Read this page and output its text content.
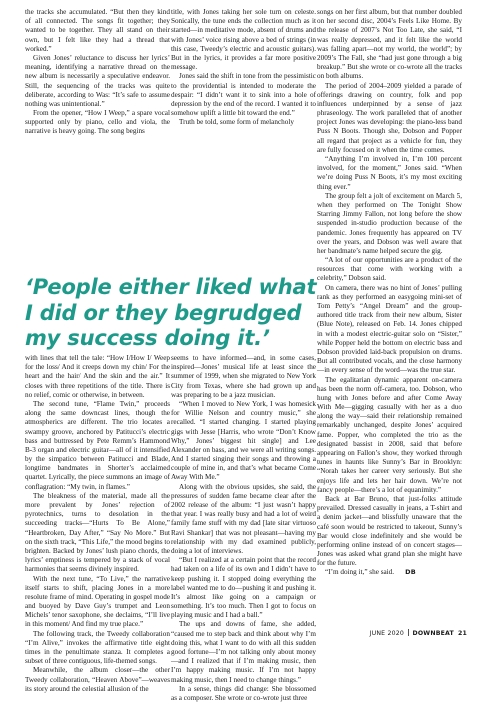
the tracks she accumulated. “But then they kind of all connected. The songs fit together; they wanted to be together. They all stand on their own, but I felt like they had a thread that worked.”

Given Jones’ reluctance to discuss her lyrics’ meaning, identifying a narrative thread on the new album is necessarily a speculative endeavor. Still, the sequencing of the tracks was quite deliberate, according to Was: “It’s safe to assume nothing was unintentional.”

From the opener, “How I Weep,” a spare vocal supported only by piano, cello and viola, the narrative is heavy going. The song begins

title, with Jones taking her sole turn on celeste. Sonically, the tune ends the collection much as it started—in meditative mode, absent of drums and with Jones’ voice rising above a bed of strings (in this case, Tweedy’s electric and acoustic guitars). But in the lyrics, it provides a far more positive message.

Jones said the shift in tone from the pessimistic to the providential is intended to moderate the despair: “I didn’t want it to sink into a hole of depression by the end of the record. I wanted it to somehow uplift a little bit toward the end.”

Truth be told, some form of melancholy

‘People either liked what
I did or they begrudged
my success doing it.’

with lines that tell the tale: “How I/How I/ Weep for the loss/ And it creeps down my chin/ For the heart and the hair/ And the skin and the air.” It closes with three repetitions of the title. There is no relief, comic or otherwise, in between.

The second tune, “Flame Twin,” proceeds along the same downcast lines, though the atmospherics are different. The trio locates a swampy groove, anchored by Patitucci’s electric bass and buttressed by Pete Remm’s Hammond B-3 organ and electric guitar—all of it intensified by the simpatico between Patitucci and Blade, longtime bandmates in Shorter’s acclaimed quartet. Lyrically, the piece summons an image of conflagration: “My twin, in flames.”

The bleakness of the material, made all the more prevalent by Jones’ rejection of pyrotechnics, turns to desolation in the succeeding tracks—“Hurts To Be Alone,” “Heartbroken, Day After,” “Say No More.” But on the sixth track, “This Life,” the mood begins to brighten. Backed by Jones’ lush piano chords, the lyrics’ emptiness is tempered by a stack of vocal harmonies that seems divinely inspired.

With the next tune, “To Live,” the narrative itself starts to shift, placing Jones in a more resolute frame of mind. Operating in gospel mode and buoyed by Dave Guy’s trumpet and Leon Michels’ tenor saxophone, she declaims, “I’ll live in this moment/ And find my true place.”

The following track, the Tweedy collaboration “I’m Alive,” invokes the affirmative title eight times in the penultimate stanza. It completes a subset of three contiguous, life-themed songs.

Meanwhile, the album closer—the other Tweedy collaboration, “Heaven Above”—weaves its story around the celestial allusion of the

seems to have informed—and, in some cases, inspired—Jones’ musical life at least since the summer of 1999, when she migrated to New York City from Texas, where she had grown up and was preparing to be a jazz musician.

“When I moved to New York, I was homesick for Willie Nelson and country music,” she recalled. “I started changing. I started playing gigs with Jesse [Harris, who wrote “Don’t Know Why,” Jones’ biggest hit single] and Lee Alexander on bass, and we were all writing songs. And I started singing their songs and throwing a couple of mine in, and that’s what became Come Away With Me.”

Along with the obvious upsides, she said, the pressures of sudden fame became clear after the 2002 release of the album: “I just wasn’t happy that year. I was really busy and had a lot of weird family fame stuff with my dad [late sitar virtuoso Ravi Shankar] that was not pleasant—having my relationship with my dad examined publicly, doing a lot of interviews.

“But I realized at a certain point that the record had taken on a life of its own and I didn’t have to keep pushing it. I stopped doing everything the label wanted me to do—pushing it and pushing it. It’s almost like going on a campaign or something. It’s too much. Then I got to focus on playing music and I had a ball.”

The ups and downs of fame, she added, “caused me to step back and think about why I’m doing this, what I want to do with all this sudden good fortune—I’m not talking only about money—and I realized that if I’m making music, then I’m happy making music. If I’m not happy making music, then I need to change things.”

In a sense, things did change: She blossomed as a composer. She wrote or co-wrote just three

songs on her first album, but that number doubled on her second disc, 2004’s Feels Like Home. By the release of 2007’s Not Too Late, she said, “I was really depressed, and it felt like the world was falling apart—not my world, the world”; by 2009’s The Fall, she “had just gone through a big breakup.” But she wrote or co-wrote all the tracks on both albums.

The period of 2004–2009 yielded a parade of offerings drawing on country, folk and pop influences underpinned by a sense of jazz phraseology. The work paralleled that of another project Jones was developing: the piano-less band Puss N Boots. Though she, Dobson and Popper all regard that project as a vehicle for fun, they are fully focused on it when the time comes.

“Anything I’m involved in, I’m 100 percent involved, for the moment,” Jones said. “When we’re doing Puss N Boots, it’s my most exciting thing ever.”

The group felt a jolt of excitement on March 5, when they performed on The Tonight Show Starring Jimmy Fallon, not long before the show suspended in-studio production because of the pandemic. Jones frequently has appeared on TV over the years, and Dobson was well aware that her bandmate’s name helped secure the gig.

“A lot of our opportunities are a product of the resources that come with working with a celebrity,” Dobson said.

On camera, there was no hint of Jones’ pulling rank as they performed an easygoing mini-set of Tom Petty’s “Angel Dream” and the group-authored title track from their new album, Sister (Blue Note), released on Feb. 14. Jones chipped in with a modest electric-guitar solo on “Sister,” while Popper held the bottom on electric bass and Dobson provided laid-back propulsion on drums. But all contributed vocals, and the close harmony—in every sense of the word—was the true star.

The egalitarian dynamic apparent on-camera has been the norm off-camera, too. Dobson, who hung with Jones before and after Come Away With Me—gigging casually with her as a duo along the way—said their relationship remained remarkably unchanged, despite Jones’ acquired fame. Popper, who completed the trio as the designated bassist in 2008, said that before appearing on Fallon’s show, they worked through tunes in haunts like Sunny’s Bar in Brooklyn: “Norah takes her career very seriously. But she enjoys life and lets her hair down. We’re not fancy people—there’s a lot of equanimity.”

Back at Bar Bruno, that just-folks attitude prevailed. Dressed casually in jeans, a T-shirt and a denim jacket—and blissfully unaware that the café soon would be restricted to takeout, Sunny’s Bar would close indefinitely and she would be performing online instead of on concert stages—Jones was asked what grand plan she might have for the future.

“I’m doing it,” she said. DB

JUNE 2020 DOWNBEAT 21
